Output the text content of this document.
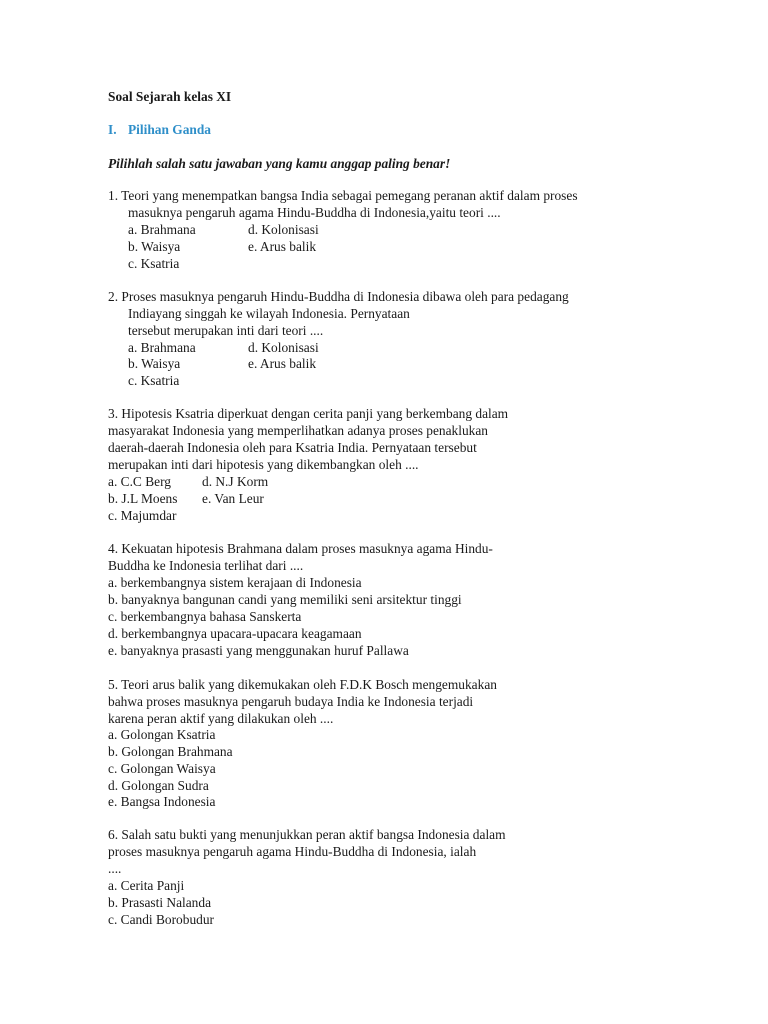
Soal Sejarah kelas XI
I. Pilihan Ganda
Pilihlah salah satu jawaban yang kamu anggap paling benar!
1. Teori yang menempatkan bangsa India sebagai pemegang peranan aktif dalam proses
masuknya pengaruh agama Hindu-Buddha di Indonesia,yaitu teori ....
a. Brahmana	d. Kolonisasi
b. Waisya	e. Arus balik
c. Ksatria
2. Proses masuknya pengaruh Hindu-Buddha di Indonesia dibawa oleh para pedagang
Indiayang singgah ke wilayah Indonesia. Pernyataan
tersebut merupakan inti dari teori ....
a. Brahmana	d. Kolonisasi
b. Waisya	e. Arus balik
c. Ksatria
3. Hipotesis Ksatria diperkuat dengan cerita panji yang berkembang dalam
masyarakat Indonesia yang memperlihatkan adanya proses penaklukan
daerah-daerah Indonesia oleh para Ksatria India. Pernyataan tersebut
merupakan inti dari hipotesis yang dikembangkan oleh ....
a. C.C Berg d. N.J Korm
b. J.L Moens e. Van Leur
c. Majumdar
4. Kekuatan hipotesis Brahmana dalam proses masuknya agama Hindu-
Buddha ke Indonesia terlihat dari ....
a. berkembangnya sistem kerajaan di Indonesia
b. banyaknya bangunan candi yang memiliki seni arsitektur tinggi
c. berkembangnya bahasa Sanskerta
d. berkembangnya upacara-upacara keagamaan
e. banyaknya prasasti yang menggunakan huruf Pallawa
5. Teori arus balik yang dikemukakan oleh F.D.K Bosch mengemukakan
bahwa proses masuknya pengaruh budaya India ke Indonesia terjadi
karena peran aktif yang dilakukan oleh ....
a. Golongan Ksatria
b. Golongan Brahmana
c. Golongan Waisya
d. Golongan Sudra
e. Bangsa Indonesia
6. Salah satu bukti yang menunjukkan peran aktif bangsa Indonesia dalam
proses masuknya pengaruh agama Hindu-Buddha di Indonesia, ialah
....
a. Cerita Panji
b. Prasasti Nalanda
c. Candi Borobudur
